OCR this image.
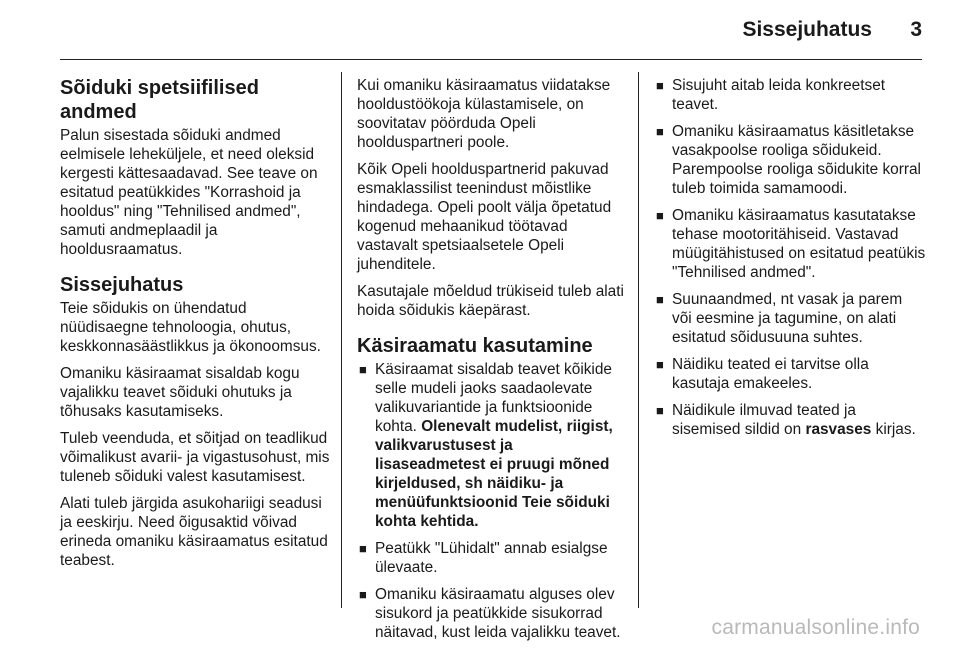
Sissejuhatus 3
Sõiduki spetsiifilised andmed

Palun sisestada sõiduki andmed eelmisele leheküljele, et need oleksid kergesti kättesaadavad. See teave on esitatud peatükkides "Korrashoid ja hooldus" ning "Tehnilised andmed", samuti andmeplaadil ja hooldusraamatus.

Sissejuhatus

Teie sõidukis on ühendatud nüüdisaegne tehnoloogia, ohutus, keskkonnasäästlikkus ja ökonoomsus.

Omaniku käsiraamat sisaldab kogu vajalikku teavet sõiduki ohutuks ja tõhusaks kasutamiseks.

Tuleb veenduda, et sõitjad on teadlikud võimalikust avarii- ja vigastusohust, mis tuleneb sõiduki valest kasutamisest.

Alati tuleb järgida asukohariigi seadusi ja eeskirju. Need õigusaktid võivad erineda omaniku käsiraamatus esitatud teabest.

Kui omaniku käsiraamatus viidatakse hooldustöökoja külastamisele, on soovitatav pöörduda Opeli hoolduspartneri poole.

Kõik Opeli hoolduspartnerid pakuvad esmaklassilist teenindust mõistlike hindadega. Opeli poolt välja õpetatud kogenud mehaanikud töötavad vastavalt spetsiaalsetele Opeli juhenditele.

Kasutajale mõeldud trükiseid tuleb alati hoida sõidukis käepärast.

Käsiraamatu kasutamine
■ Käsiraamat sisaldab teavet kõikide selle mudeli jaoks saadaolevate valikuvariantide ja funktsioonide kohta. Olenevalt mudelist, riigist, valikvarustusest ja lisaseadmetest ei pruugi mõned kirjeldused, sh näidiku- ja menüüfunktsioonid Teie sõiduki kohta kehtida.
■ Peatükk "Lühidalt" annab esialgse ülevaate.
■ Omaniku käsiraamatu alguses olev sisukord ja peatükkide sisukorrad näitavad, kust leida vajalikku teavet.
■ Sisujuht aitab leida konkreetset teavet.
■ Omaniku käsiraamatus käsitletakse vasakpoolse rooliga sõidukeid. Parempoolse rooliga sõidukite korral tuleb toimida samamoodi.
■ Omaniku käsiraamatus kasutatakse tehase mootoritähiseid. Vastavad müügitähistused on esitatud peatükis "Tehnilised andmed".
■ Suunaandmed, nt vasak ja parem või eesmine ja tagumine, on alati esitatud sõidusuuna suhtes.
■ Näidiku teated ei tarvitse olla kasutaja emakeeles.
■ Näidikule ilmuvad teated ja sisemised sildid on rasvases kirjas.
carmanualsonline.info
